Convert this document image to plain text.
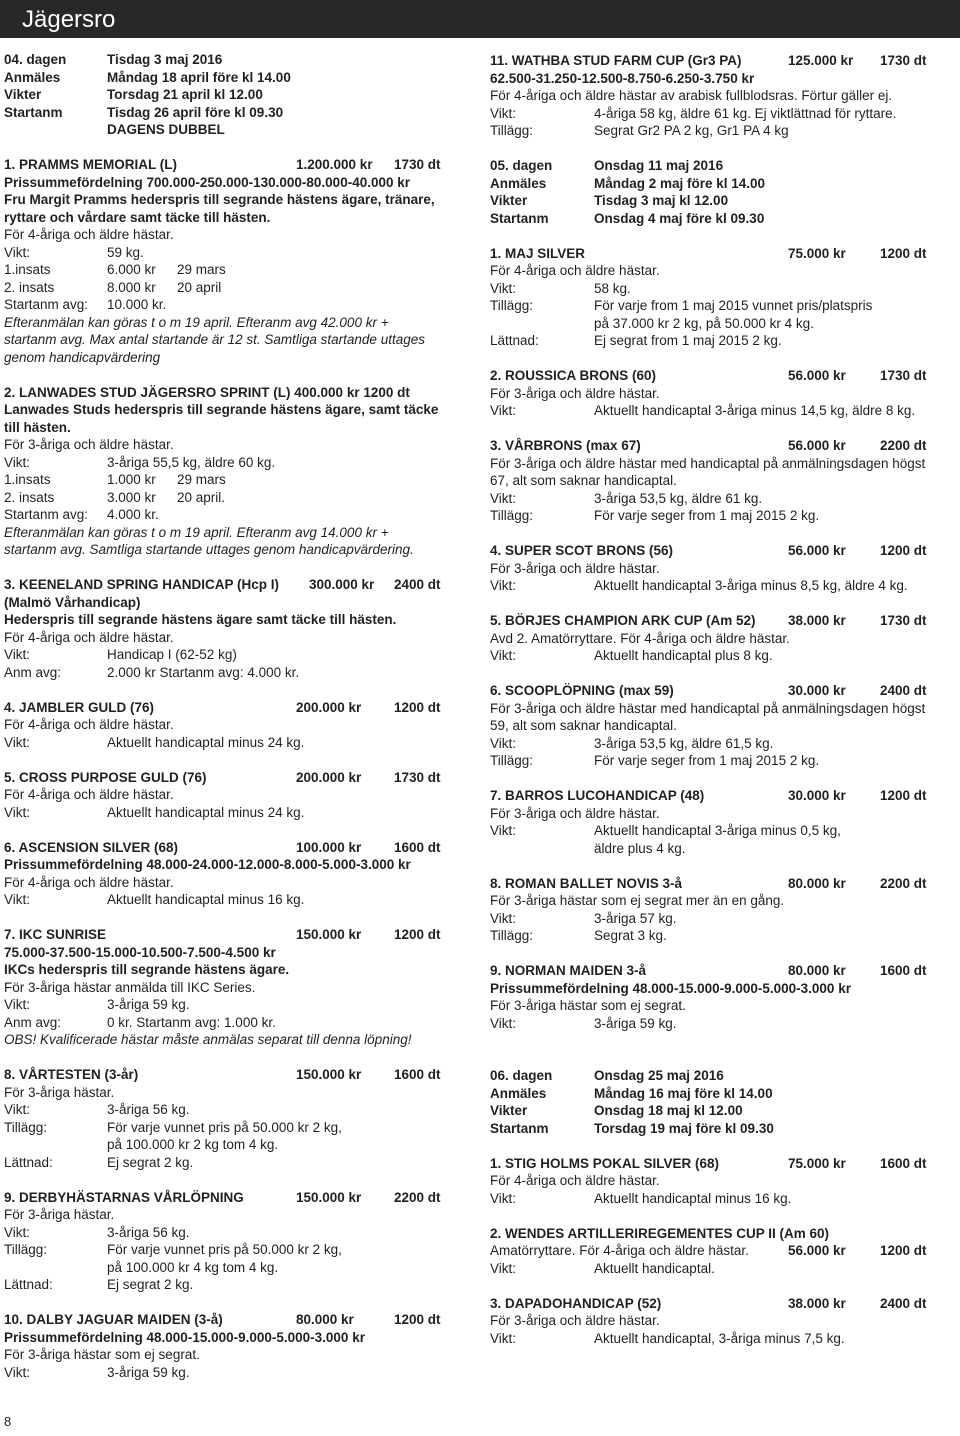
Jägersro
04. dagen	Tisdag 3 maj 2016
Anmäles	Måndag 18 april före kl 14.00
Vikter	Torsdag 21 april kl 12.00
Startanm	Tisdag 26 april före kl 09.30
DAGENS DUBBEL
1. PRAMMS MEMORIAL (L)	1.200.000 kr 1730 dt
Prissummefördelning 700.000-250.000-130.000-80.000-40.000 kr
Fru Margit Pramms hederspris till segrande hästens ägare, tränare,
ryttare och vårdare samt täcke till hästen.
För 4-åriga och äldre hästar.
Vikt:	59 kg.
1.insats	6.000 kr 29 mars
2. insats	8.000 kr 20 april
Startanm avg: 10.000 kr.
Efteranmälan kan göras t o m 19 april. Efteranm avg 42.000 kr +
startanm avg. Max antal startande är 12 st. Samtliga startande uttages
genom handicapvärdering
2. LANWADES STUD JÄGERSRO SPRINT (L) 400.000 kr 1200 dt
Lanwades Studs hederspris till segrande hästens ägare, samt täcke
till hästen.
För 3-åriga och äldre hästar.
Vikt:	3-åriga 55,5 kg, äldre 60 kg.
1.insats	1.000 kr 29 mars
2. insats	3.000 kr 20 april.
Startanm avg: 4.000 kr.
Efteranmälan kan göras t o m 19 april. Efteranm avg 14.000 kr +
startanm avg. Samtliga startande uttages genom handicapvärdering.
3. KEENELAND SPRING HANDICAP (Hcp I) 300.000 kr 2400 dt
(Malmö Vårhandicap)
Hederspris till segrande hästens ägare samt täcke till hästen.
För 4-åriga och äldre hästar.
Vikt:	Handicap I (62-52 kg)
Anm avg:	2.000 kr Startanm avg: 4.000 kr.
4. JAMBLER GULD (76)	200.000 kr 1200 dt
För 4-åriga och äldre hästar.
Vikt:	Aktuellt handicaptal minus 24 kg.
5. CROSS PURPOSE GULD (76)	200.000 kr 1730 dt
För 4-åriga och äldre hästar.
Vikt:	Aktuellt handicaptal minus 24 kg.
6. ASCENSION SILVER (68)	100.000 kr 1600 dt
Prissummefördelning 48.000-24.000-12.000-8.000-5.000-3.000 kr
För 4-åriga och äldre hästar.
Vikt:	Aktuellt handicaptal minus 16 kg.
7. IKC SUNRISE	150.000 kr 1200 dt
75.000-37.500-15.000-10.500-7.500-4.500 kr
IKCs hederspris till segrande hästens ägare.
För 3-åriga hästar anmälda till IKC Series.
Vikt:	3-åriga 59 kg.
Anm avg:	0 kr. Startanm avg: 1.000 kr.
OBS! Kvalificerade hästar måste anmälas separat till denna löpning!
8. VÅRTESTEN (3-år)	150.000 kr 1600 dt
För 3-åriga hästar.
Vikt:	3-åriga 56 kg.
Tillägg:	För varje vunnet pris på 50.000 kr 2 kg,
på 100.000 kr 2 kg tom 4 kg.
Lättnad:	Ej segrat 2 kg.
9. DERBYHÄSTARNAS VÅRLÖPNING	150.000 kr 2200 dt
För 3-åriga hästar.
Vikt:	3-åriga 56 kg.
Tillägg:	För varje vunnet pris på 50.000 kr 2 kg,
på 100.000 kr 4 kg tom 4 kg.
Lättnad:	Ej segrat 2 kg.
10. DALBY JAGUAR MAIDEN (3-å)	80.000 kr	1200 dt
Prissummefördelning 48.000-15.000-9.000-5.000-3.000 kr
För 3-åriga hästar som ej segrat.
Vikt:	3-åriga 59 kg.
11. WATHBA STUD FARM CUP (Gr3 PA)	125.000 kr 1730 dt
62.500-31.250-12.500-8.750-6.250-3.750 kr
För 4-åriga och äldre hästar av arabisk fullblodsras. Förtur gäller ej.
Vikt:	4-åriga 58 kg, äldre 61 kg. Ej viktlättnad för ryttare.
Tillägg:	Segrat Gr2 PA 2 kg, Gr1 PA 4 kg
05. dagen	Onsdag 11 maj 2016
Anmäles	Måndag 2 maj före kl 14.00
Vikter	Tisdag 3 maj kl 12.00
Startanm	Onsdag 4 maj före kl 09.30
1. MAJ SILVER	75.000 kr	1200 dt
För 4-åriga och äldre hästar.
Vikt:	58 kg.
Tillägg:	För varje from 1 maj 2015 vunnet pris/platspris
på 37.000 kr 2 kg, på 50.000 kr 4 kg.
Lättnad:	Ej segrat from 1 maj 2015 2 kg.
2. ROUSSICA BRONS (60)	56.000 kr	1730 dt
För 3-åriga och äldre hästar.
Vikt:	Aktuellt handicaptal 3-åriga minus 14,5 kg, äldre 8 kg.
3. VÅRBRONS (max 67)	56.000 kr	2200 dt
För 3-åriga och äldre hästar med handicaptal på anmälningsdagen högst
67, alt som saknar handicaptal.
Vikt:	3-åriga 53,5 kg, äldre 61 kg.
Tillägg:	För varje seger from 1 maj 2015 2 kg.
4. SUPER SCOT BRONS (56)	56.000 kr	1200 dt
För 3-åriga och äldre hästar.
Vikt:	Aktuellt handicaptal 3-åriga minus 8,5 kg, äldre 4 kg.
5. BÖRJES CHAMPION ARK CUP (Am 52) 38.000 kr	1730 dt
Avd 2. Amatörryttare. För 4-åriga och äldre hästar.
Vikt:	Aktuellt handicaptal plus 8 kg.
6. SCOOPLÖPNING (max 59)	30.000 kr	2400 dt
För 3-åriga och äldre hästar med handicaptal på anmälningsdagen högst
59, alt som saknar handicaptal.
Vikt:	3-åriga 53,5 kg, äldre 61,5 kg.
Tillägg:	För varje seger from 1 maj 2015 2 kg.
7. BARROS LUCOHANDICAP (48)	30.000 kr	1200 dt
För 3-åriga och äldre hästar.
Vikt:	Aktuellt handicaptal 3-åriga minus 0,5 kg,
äldre plus 4 kg.
8. ROMAN BALLET NOVIS 3-å	80.000 kr	2200 dt
För 3-åriga hästar som ej segrat mer än en gång.
Vikt:	3-åriga 57 kg.
Tillägg:	Segrat 3 kg.
9. NORMAN MAIDEN 3-å	80.000 kr	1600 dt
Prissummefördelning 48.000-15.000-9.000-5.000-3.000 kr
För 3-åriga hästar som ej segrat.
Vikt:	3-åriga 59 kg.
06. dagen	Onsdag 25 maj 2016
Anmäles	Måndag 16 maj före kl 14.00
Vikter	Onsdag 18 maj kl 12.00
Startanm	Torsdag 19 maj före kl 09.30
1. STIG HOLMS POKAL SILVER (68)	75.000 kr	1600 dt
För 4-åriga och äldre hästar.
Vikt:	Aktuellt handicaptal minus 16 kg.
2. WENDES ARTILLERIREGEMENTES CUP II (Am 60)
Amatörryttare. För 4-åriga och äldre hästar.	56.000 kr	1200 dt
Vikt:	Aktuellt handicaptal.
3. DAPADOHANDICAP (52)	38.000 kr	2400 dt
För 3-åriga och äldre hästar.
Vikt:	Aktuellt handicaptal, 3-åriga minus 7,5 kg.
8
